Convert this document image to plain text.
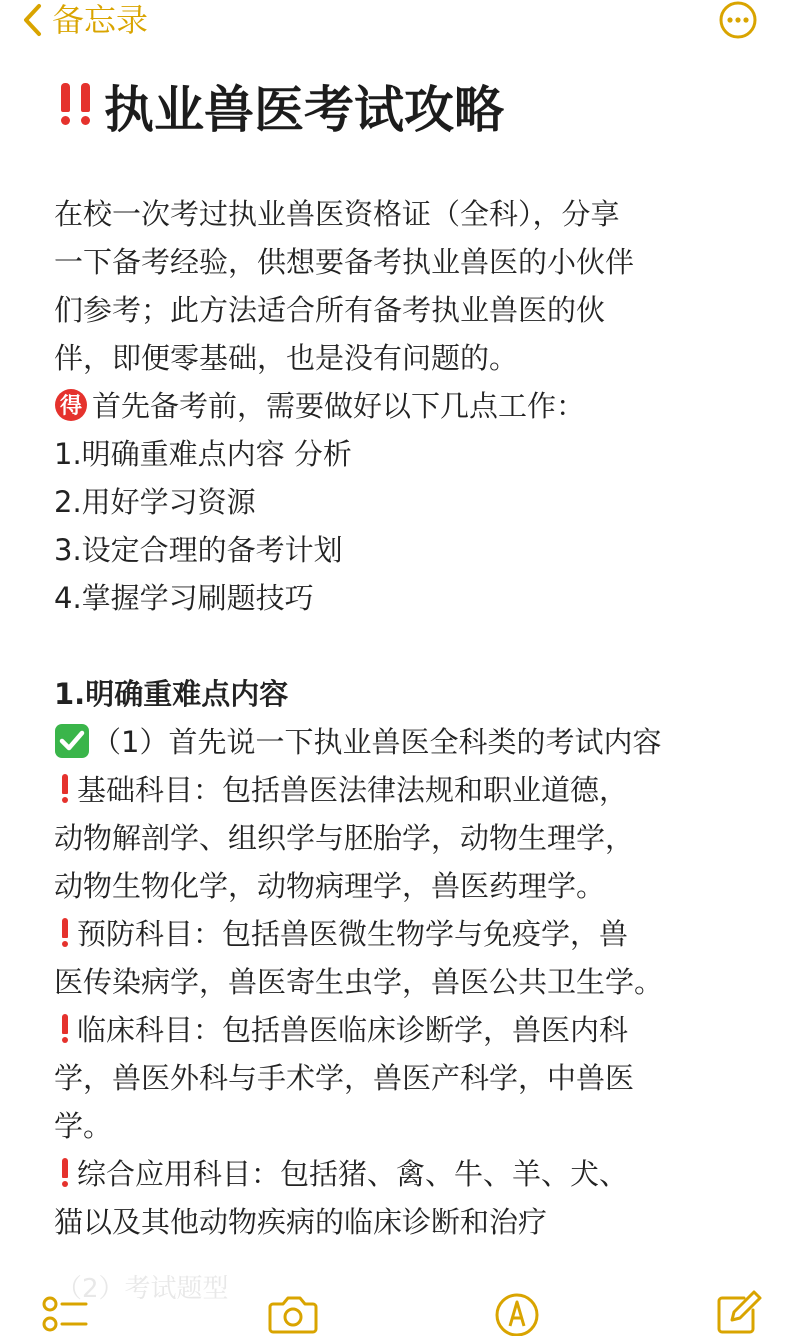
备忘录
执业兽医考试攻略
在校一次考过执业兽医资格证（全科），分享
一下备考经验，供想要备考执业兽医的小伙伴
们参考；此方法适合所有备考执业兽医的伙
伴，即便零基础，也是没有问题的。
得 首先备考前，需要做好以下几点工作：
1.明确重难点内容 分析
2.用好学习资源
3.设定合理的备考计划
4.掌握学习刷题技巧
1.明确重难点内容
（1）首先说一下执业兽医全科类的考试内容
基础科目：包括兽医法律法规和职业道德，
动物解剖学、组织学与胚胎学，动物生理学，
动物生物化学，动物病理学，兽医药理学。
预防科目：包括兽医微生物学与免疫学，兽
医传染病学，兽医寄生虫学，兽医公共卫生学。
临床科目：包括兽医临床诊断学，兽医内科
学，兽医外科与手术学，兽医产科学，中兽医
学。
综合应用科目：包括猪、禽、牛、羊、犬、
猫以及其他动物疾病的临床诊断和治疗
（2）考试题型
